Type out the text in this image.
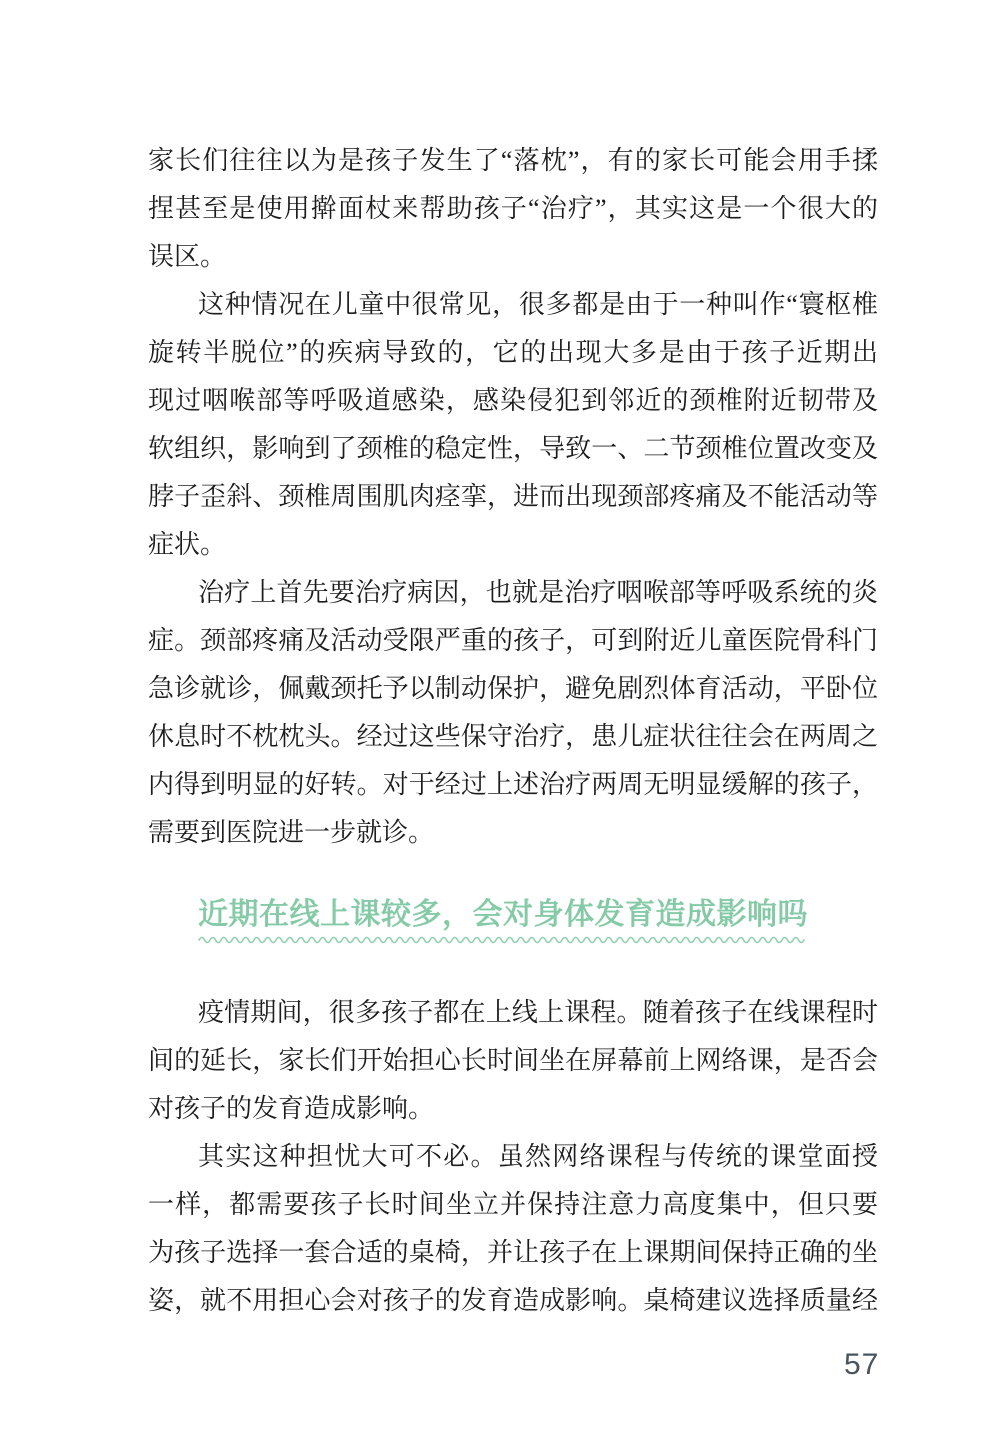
家长们往往以为是孩子发生了“落枕”，有的家长可能会用手揉
捏甚至是使用擀面杖来帮助孩子“治疗”，其实这是一个很大的
误区。
这种情况在儿童中很常见，很多都是由于一种叫作“寰枢椎
旋转半脱位”的疾病导致的，它的出现大多是由于孩子近期出
现过咽喉部等呼吸道感染，感染侵犯到邻近的颈椎附近韧带及
软组织，影响到了颈椎的稳定性，导致一、二节颈椎位置改变及
脖子歪斜、颈椎周围肌肉痉挛，进而出现颈部疼痛及不能活动等
症状。
治疗上首先要治疗病因，也就是治疗咽喉部等呼吸系统的炎
症。颈部疼痛及活动受限严重的孩子，可到附近儿童医院骨科门
急诊就诊，佩戴颈托予以制动保护，避免剧烈体育活动，平卧位
休息时不枕枕头。经过这些保守治疗，患儿症状往往会在两周之
内得到明显的好转。对于经过上述治疗两周无明显缓解的孩子，
需要到医院进一步就诊。
近期在线上课较多，会对身体发育造成影响吗
疫情期间，很多孩子都在上线上课程。随着孩子在线课程时
间的延长，家长们开始担心长时间坐在屏幕前上网络课，是否会
对孩子的发育造成影响。
其实这种担忧大可不必。虽然网络课程与传统的课堂面授
一样，都需要孩子长时间坐立并保持注意力高度集中，但只要
为孩子选择一套合适的桌椅，并让孩子在上课期间保持正确的坐
姿，就不用担心会对孩子的发育造成影响。桌椅建议选择质量经
57
